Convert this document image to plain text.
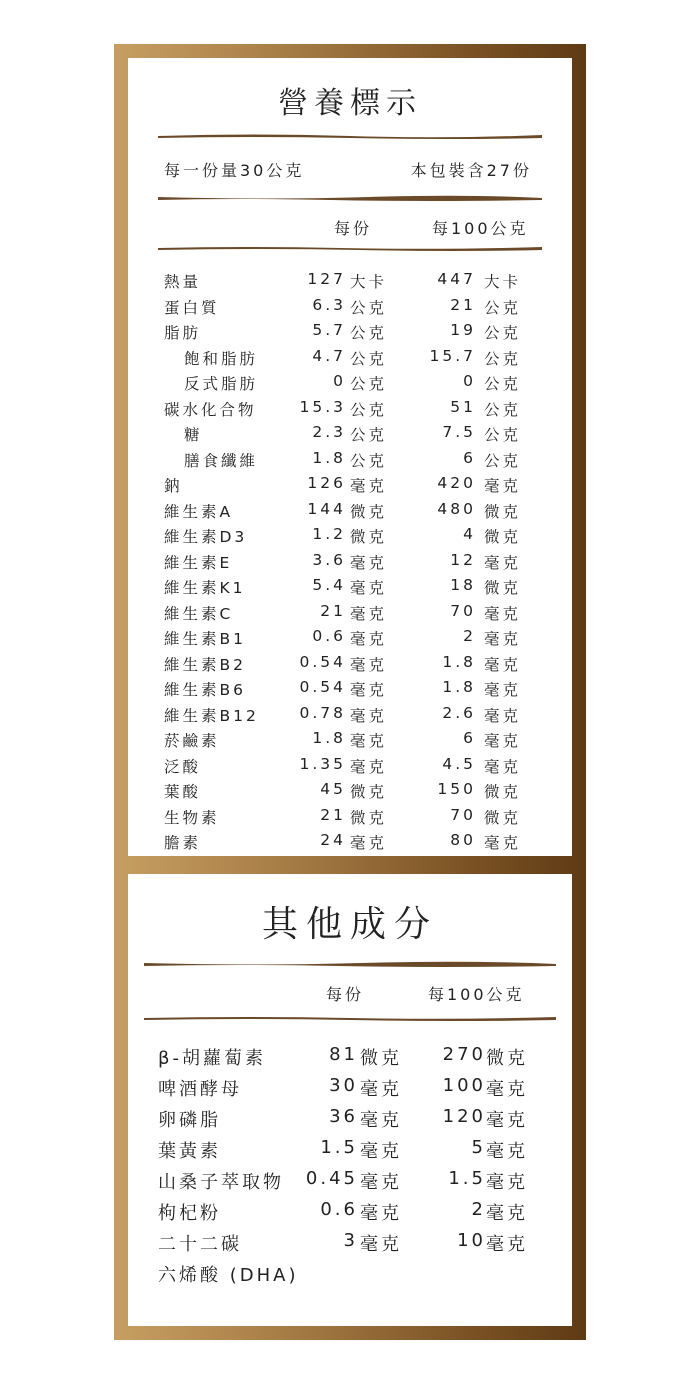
營養標示
每一份量30公克	本包裝含27份
每份	每100公克
熱量	127 大卡	447 大卡
蛋白質	6.3 公克	21 公克
脂肪	5.7 公克	19 公克
飽和脂肪	4.7 公克	15.7 公克
反式脂肪	0 公克	0 公克
碳水化合物	15.3 公克	51 公克
糖	2.3 公克	7.5 公克
膳食纖維	1.8 公克	6 公克
鈉	126 毫克	420 毫克
維生素A	144 微克	480 微克
維生素D3	1.2 微克	4 微克
維生素E	3.6 毫克	12 毫克
維生素K1	5.4 毫克	18 微克
維生素C	21 毫克	70 毫克
維生素B1	0.6 毫克	2 毫克
維生素B2	0.54 毫克	1.8 毫克
維生素B6	0.54 毫克	1.8 毫克
維生素B12	0.78 毫克	2.6 毫克
菸鹼素	1.8 毫克	6 毫克
泛酸	1.35 毫克	4.5 毫克
葉酸	45 微克	150 微克
生物素	21 微克	70 微克
膽素	24 毫克	80 毫克
其他成分
每份	每100公克
β-胡蘿蔔素	81 微克 270 微克
啤酒酵母	30 毫克 100 毫克
卵磷脂	36 毫克 120 毫克
葉黃素	1.5 毫克	5 毫克
山桑子萃取物 0.45 毫克	1.5 毫克
枸杞粉	0.6 毫克	2 毫克
二十二碳	3 毫克	10 毫克
六烯酸 (DHA)
